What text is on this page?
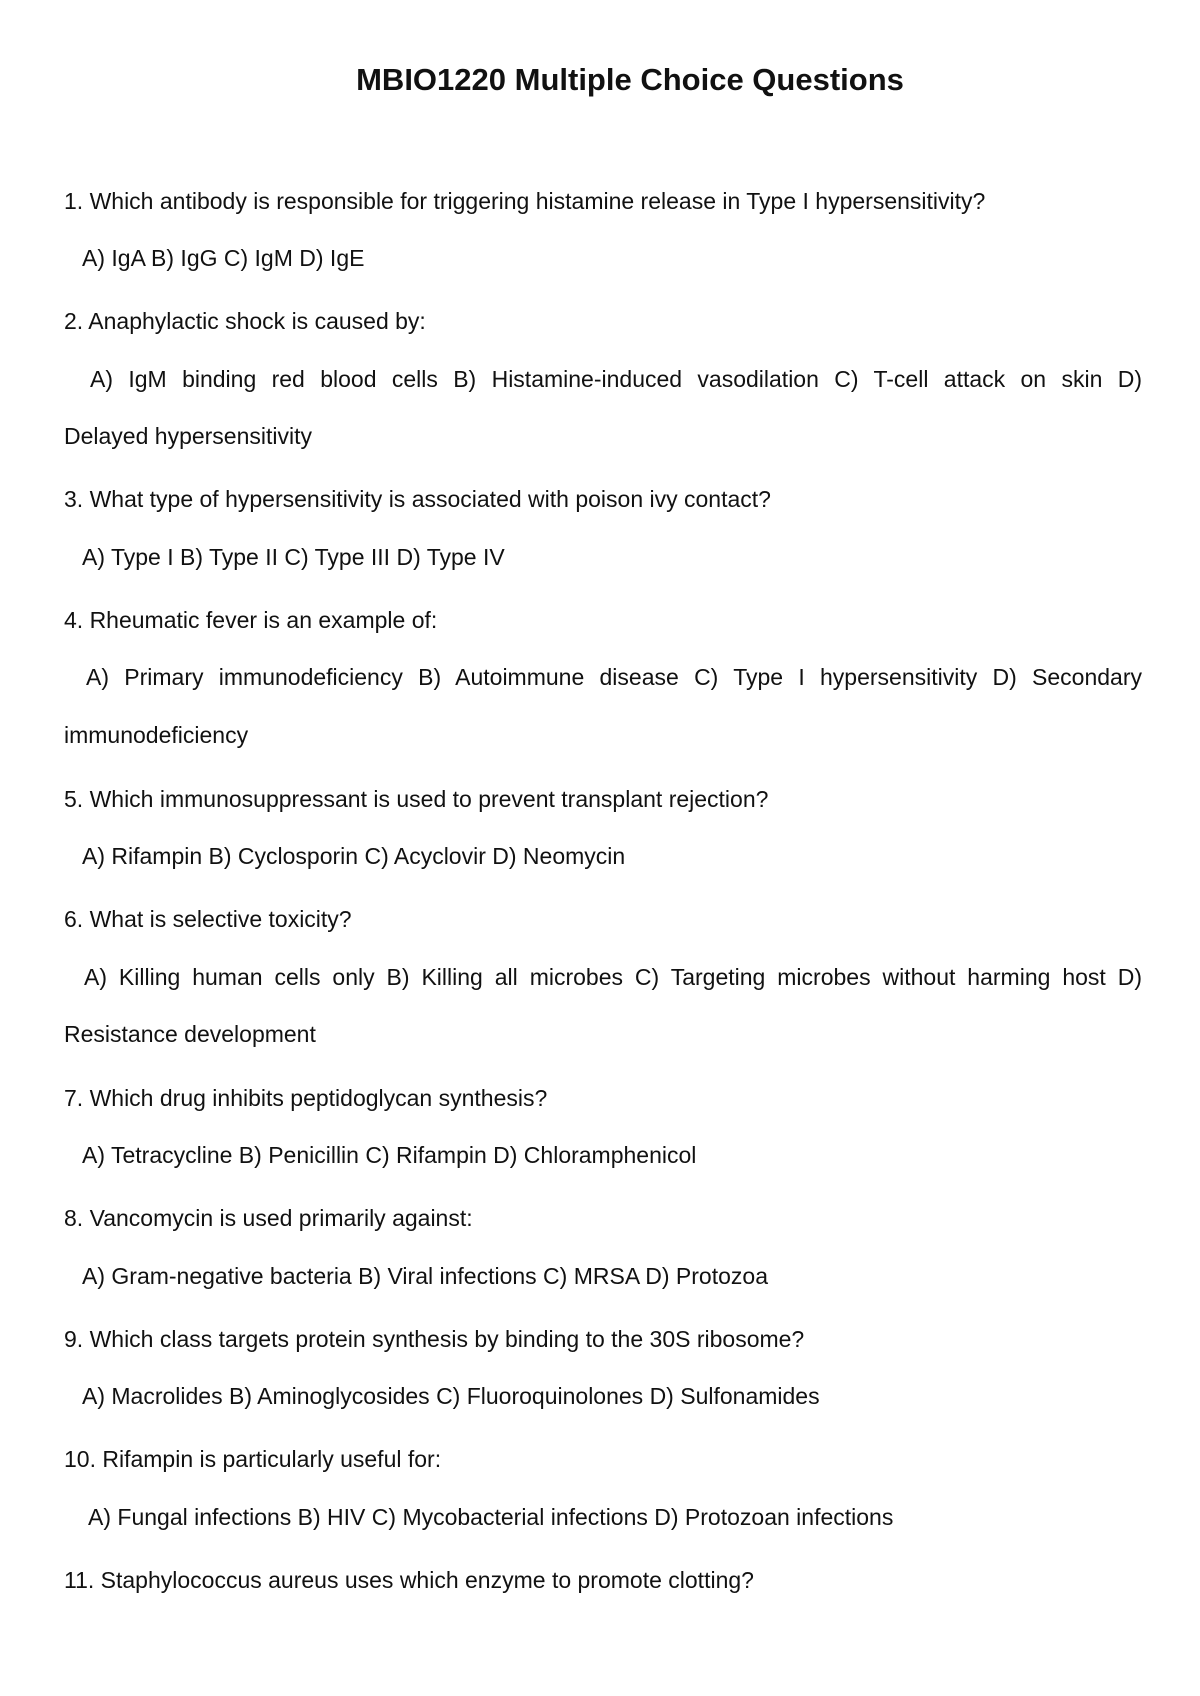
MBIO1220 Multiple Choice Questions
1. Which antibody is responsible for triggering histamine release in Type I hypersensitivity?
A) IgA B) IgG C) IgM D) IgE
2. Anaphylactic shock is caused by:
A) IgM binding red blood cells B) Histamine-induced vasodilation C) T-cell attack on skin D)
Delayed hypersensitivity
3. What type of hypersensitivity is associated with poison ivy contact?
A) Type I B) Type II C) Type III D) Type IV
4. Rheumatic fever is an example of:
A) Primary immunodeficiency B) Autoimmune disease C) Type I hypersensitivity D) Secondary
immunodeficiency
5. Which immunosuppressant is used to prevent transplant rejection?
A) Rifampin B) Cyclosporin C) Acyclovir D) Neomycin
6. What is selective toxicity?
A) Killing human cells only B) Killing all microbes C) Targeting microbes without harming host D)
Resistance development
7. Which drug inhibits peptidoglycan synthesis?
A) Tetracycline B) Penicillin C) Rifampin D) Chloramphenicol
8. Vancomycin is used primarily against:
A) Gram-negative bacteria B) Viral infections C) MRSA D) Protozoa
9. Which class targets protein synthesis by binding to the 30S ribosome?
A) Macrolides B) Aminoglycosides C) Fluoroquinolones D) Sulfonamides
10. Rifampin is particularly useful for:
A) Fungal infections B) HIV C) Mycobacterial infections D) Protozoan infections
11. Staphylococcus aureus uses which enzyme to promote clotting?
